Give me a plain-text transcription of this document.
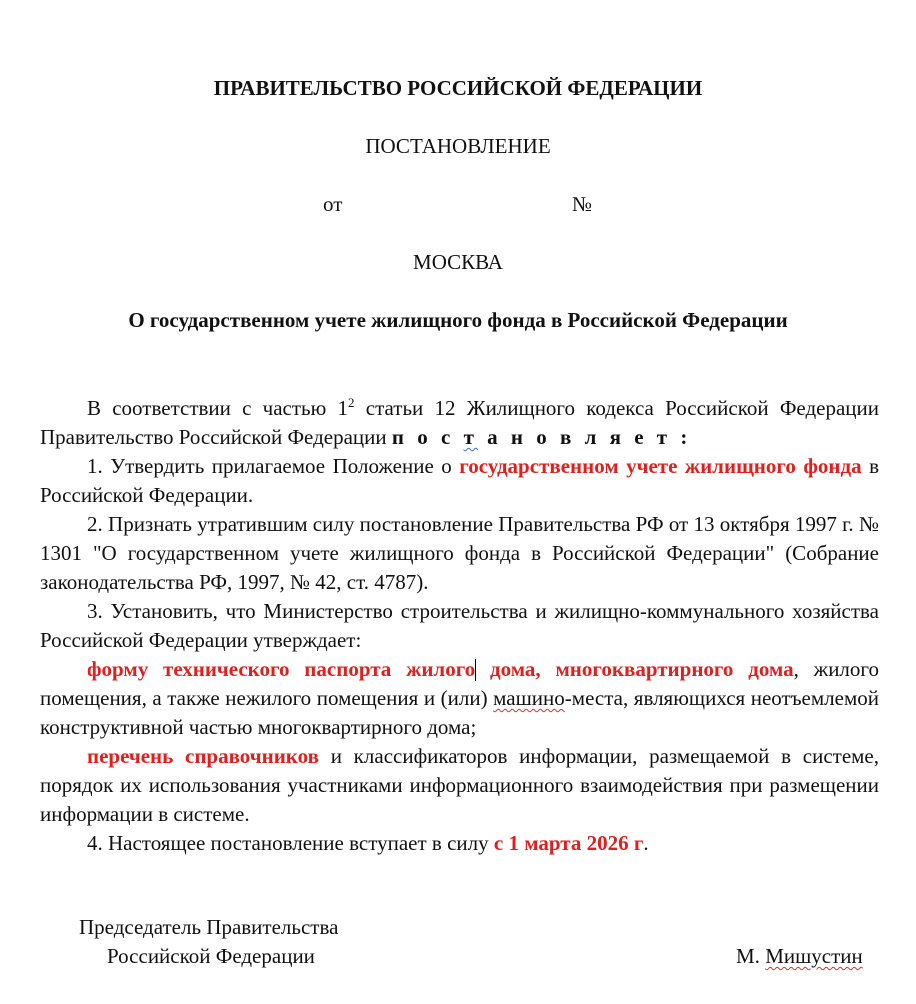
ПРАВИТЕЛЬСТВО РОССИЙСКОЙ ФЕДЕРАЦИИ
ПОСТАНОВЛЕНИЕ
от	№
МОСКВА
О государственном учете жилищного фонда в Российской Федерации

В соответствии с частью $1^2$ статьи 12 Жилищного кодекса Российской Федерации Правительство Российской Федерации п о с т а н о в л я е т :

1. Утвердить прилагаемое Положение о государственном учете жилищного фонда в Российской Федерации.

2. Признать утратившим силу постановление Правительства РФ от 13 октября 1997 г. № 1301 "О государственном учете жилищного фонда в Российской Федерации" (Собрание законодательства РФ, 1997, № 42, ст. 4787).

3. Установить, что Министерство строительства и жилищно-коммунального хозяйства Российской Федерации утверждает:

форму технического паспорта жилого дома, многоквартирного дома, жилого помещения, а также нежилого помещения и (или) машино-места, являющихся неотъемлемой конструктивной частью многоквартирного дома;

перечень справочников и классификаторов информации, размещаемой в системе, порядок их использования участниками информационного взаимодействия при размещении информации в системе.

4. Настоящее постановление вступает в силу с 1 марта 2026 г.

Председатель Правительства
Российской Федерации	М. Мишустин
